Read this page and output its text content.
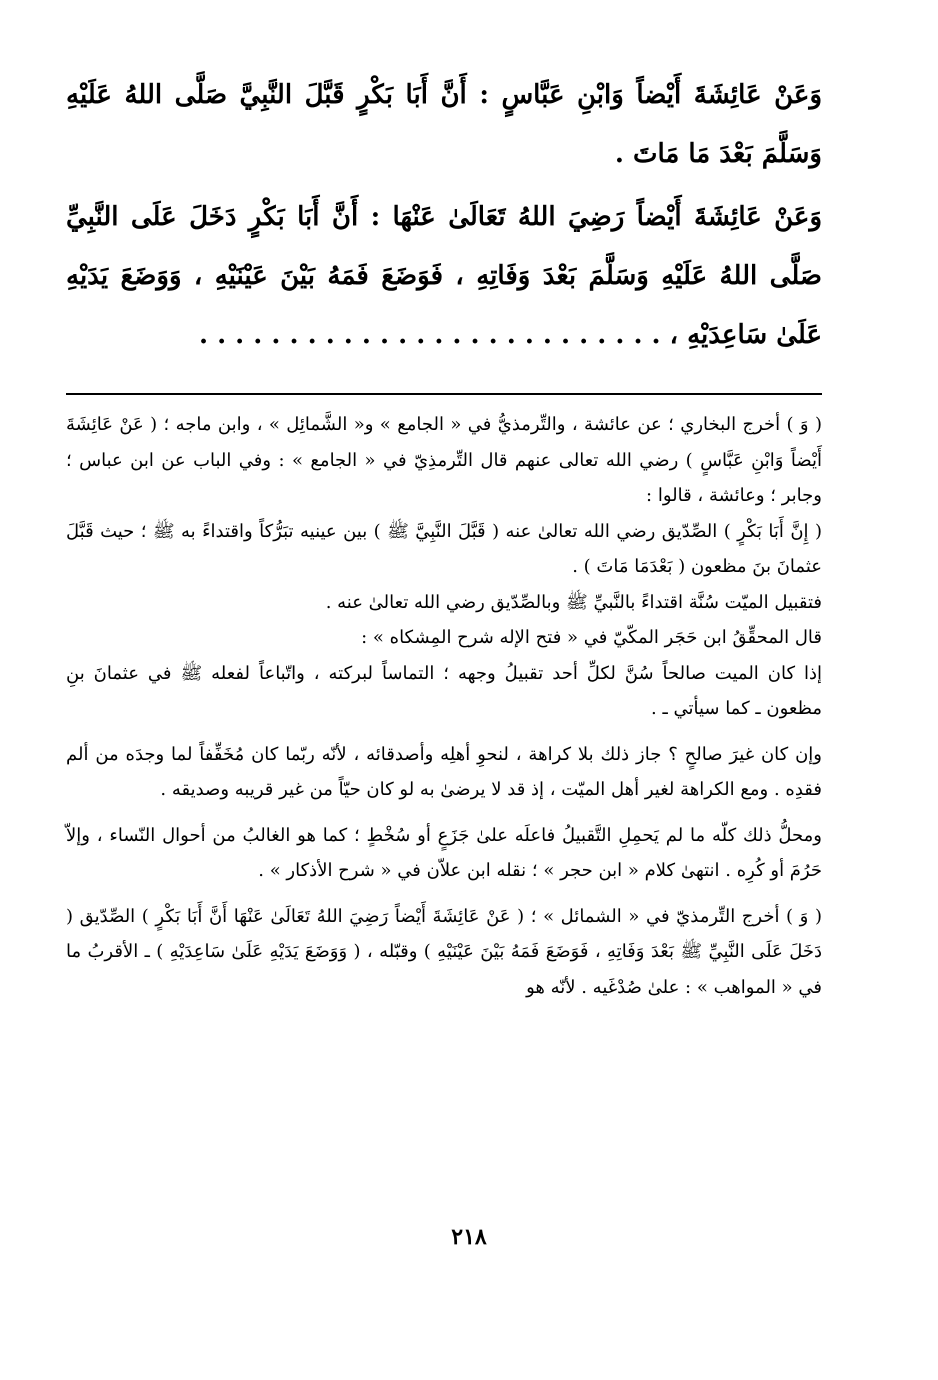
وَعَنْ عَائِشَةَ أَيْضاً وَابْنِ عَبَّاسٍ : أَنَّ أَبَا بَكْرٍ قَبَّلَ النَّبِيَّ صَلَّى اللهُ عَلَيْهِ وَسَلَّمَ بَعْدَ مَا مَاتَ .

وَعَنْ عَائِشَةَ أَيْضاً رَضِيَ اللهُ تَعَالَىٰ عَنْهَا : أَنَّ أَبَا بَكْرٍ دَخَلَ عَلَى النَّبِيِّ صَلَّى اللهُ عَلَيْهِ وَسَلَّمَ بَعْدَ وَفَاتِهِ ، فَوَضَعَ فَمَهُ بَيْنَ عَيْنَيْهِ ، وَوَضَعَ يَدَيْهِ عَلَىٰ سَاعِدَيْهِ ، . . . . . . . . . . . . . . . . . . . . . . . . . .

( وَ ) أخرج البخاري ؛ عن عائشة ، والتِّرمذيُّ في « الجامع » و« الشَّمائِل » ، وابن ماجه ؛ ( عَنْ عَائِشَةَ أَيْضاً وَابْنِ عَبَّاسٍ ) رضي الله تعالى عنهم قال التِّرمذِيّ في « الجامع » : وفي الباب عن ابن عباس ؛ وجابر ؛ وعائشة ، قالوا :

( إِنَّ أَبَا بَكْرٍ ) الصِّدّيق رضي الله تعالىٰ عنه ( قَبَّلَ النَّبِيَّ ﷺ ) بين عينيه تبَرُّكاً واقتداءً به ﷺ ؛ حيث قَبَّلَ عثمانَ بنَ مظعون ( بَعْدَمَا مَاتَ ) .

فتقبيل الميّت سُنَّة اقتداءً بالنَّبيِّ ﷺ وبالصِّدّيق رضي الله تعالىٰ عنه .

قال المحقِّقُ ابن حَجَر المكّيّ في « فتح الإله شرح المِشكاه » :

إذا كان الميت صالحاً سُنَّ لكلِّ أحد تقبيلُ وجهه ؛ التماساً لبركته ، واتّباعاً لفعله ﷺ في عثمانَ بنِ مظعون ـ كما سيأتي ـ .

وإن كان غيرَ صالحٍ ؟ جاز ذلك بلا كراهة ، لنحوِ أهلِه وأصدقائه ، لأنّه ربّما كان مُخَفِّفاً لما وجدَه من ألم فقدِه . ومع الكراهة لغير أهل الميّت ، إذ قد لا يرضىٰ به لو كان حيّاً من غير قريبه وصديقه .

ومحلُّ ذلك كلّه ما لم يَحمِلِ التَّقبيلُ فاعلَه علىٰ جَزَعٍ أو سُخْطٍ ؛ كما هو الغالبُ من أحوال النّساء ، وإلاّ حَرُمَ أو كُرِه . انتهىٰ كلام « ابن حجر » ؛ نقله ابن علاّن في « شرح الأذكار » .

( وَ ) أخرج التِّرمذيّ في « الشمائل » ؛ ( عَنْ عَائِشَةَ أَيْضاً رَضِيَ اللهُ تَعَالَىٰ عَنْهَا أَنَّ أَبَا بَكْرٍ ) الصِّدّيق ( دَخَلَ عَلَى النَّبِيِّ ﷺ بَعْدَ وَفَاتِهِ ، فَوَضَعَ فَمَهُ بَيْنَ عَيْنَيْهِ ) وقبّله ، ( وَوَضَعَ يَدَيْهِ عَلَىٰ سَاعِدَيْهِ ) ـ الأقربُ ما في « المواهب » : علىٰ صُدْغَيه . لأنّه هو

٢١٨
